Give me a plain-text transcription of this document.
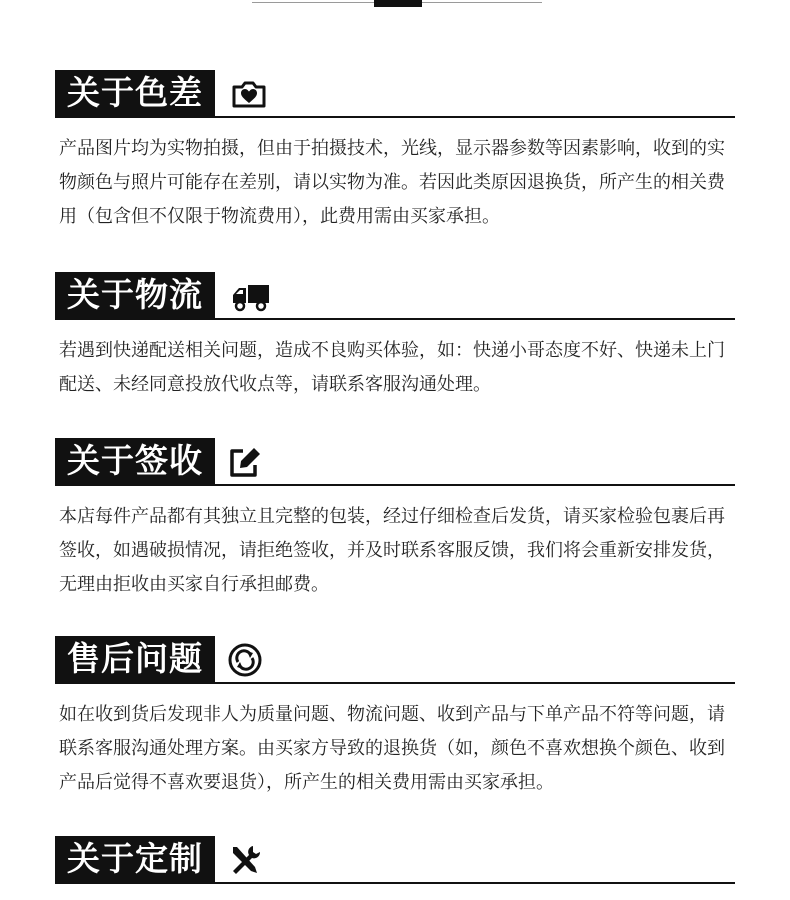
关于色差
产品图片均为实物拍摄，但由于拍摄技术，光线，显示器参数等因素影响，收到的实物颜色与照片可能存在差别，请以实物为准。若因此类原因退换货，所产生的相关费用（包含但不仅限于物流费用），此费用需由买家承担。
关于物流
若遇到快递配送相关问题，造成不良购买体验，如：快递小哥态度不好、快递未上门配送、未经同意投放代收点等，请联系客服沟通处理。
关于签收
本店每件产品都有其独立且完整的包装，经过仔细检查后发货，请买家检验包裹后再签收，如遇破损情况，请拒绝签收，并及时联系客服反馈，我们将会重新安排发货，无理由拒收由买家自行承担邮费。
售后问题
如在收到货后发现非人为质量问题、物流问题、收到产品与下单产品不符等问题，请联系客服沟通处理方案。由买家方导致的退换货（如，颜色不喜欢想换个颜色、收到产品后觉得不喜欢要退货），所产生的相关费用需由买家承担。
关于定制
